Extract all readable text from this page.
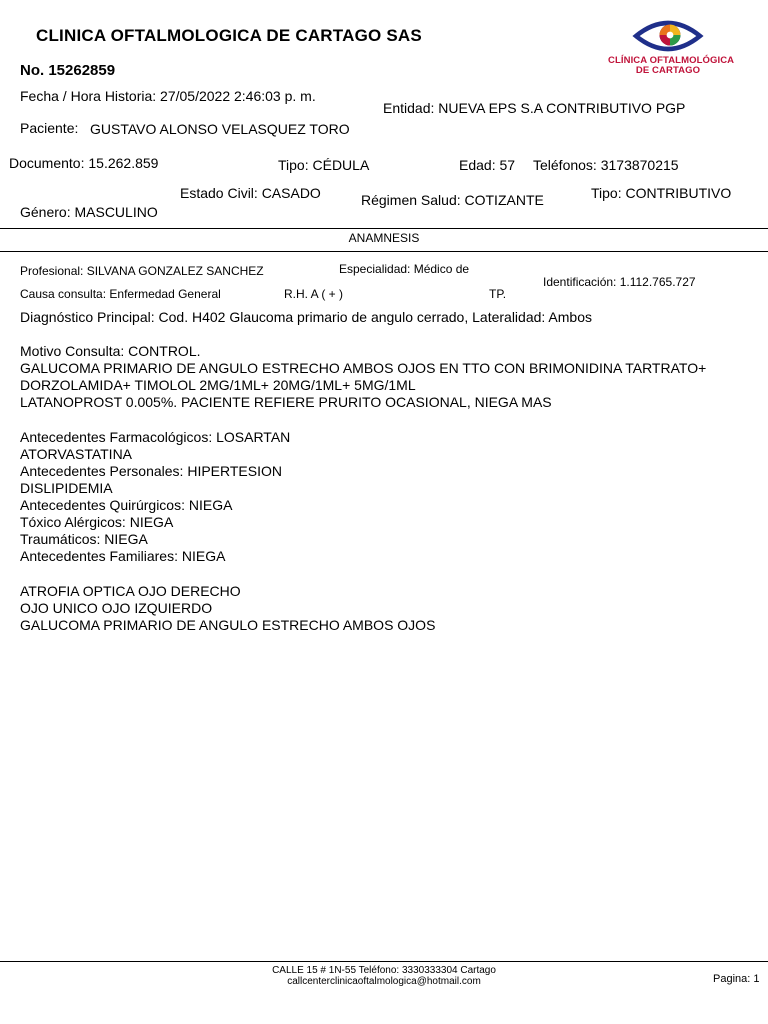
CLINICA OFTALMOLOGICA DE CARTAGO SAS
No. 15262859
CLÍNICA OFTALMOLÓGICA
DE CARTAGO
Fecha / Hora Historia: 27/05/2022 2:46:03 p. m.
Entidad: NUEVA EPS S.A CONTRIBUTIVO PGP
Paciente: GUSTAVO ALONSO VELASQUEZ TORO
Documento: 15.262.859	Tipo: CÉDULA	Edad: 57 Teléfonos: 3173870215
Estado Civil: CASADO	Régimen Salud: COTIZANTE	Tipo: CONTRIBUTIVO
Género: MASCULINO
ANAMNESIS
Profesional: SILVANA GONZALEZ SANCHEZ	Especialidad: Médico de
Identificación: 1.112.765.727
Causa consulta: Enfermedad General	R.H. A ( + )	TP.
Diagnóstico Principal: Cod. H402 Glaucoma primario de angulo cerrado, Lateralidad: Ambos
Motivo Consulta: CONTROL.
GALUCOMA PRIMARIO DE ANGULO ESTRECHO AMBOS OJOS EN TTO CON BRIMONIDINA TARTRATO+
DORZOLAMIDA+ TIMOLOL 2MG/1ML+ 20MG/1ML+ 5MG/1ML
LATANOPROST 0.005%. PACIENTE REFIERE PRURITO OCASIONAL, NIEGA MAS
Antecedentes Farmacológicos: LOSARTAN
ATORVASTATINA
Antecedentes Personales: HIPERTESION
DISLIPIDEMIA
Antecedentes Quirúrgicos: NIEGA
Tóxico Alérgicos: NIEGA
Traumáticos: NIEGA
Antecedentes Familiares: NIEGA
ATROFIA OPTICA OJO DERECHO
OJO UNICO OJO IZQUIERDO
GALUCOMA PRIMARIO DE ANGULO ESTRECHO AMBOS OJOS
CALLE 15 # 1N-55 Teléfono: 3330333304 Cartago
callcenterclinicaoftalmologica@hotmail.com	Pagina: 1
